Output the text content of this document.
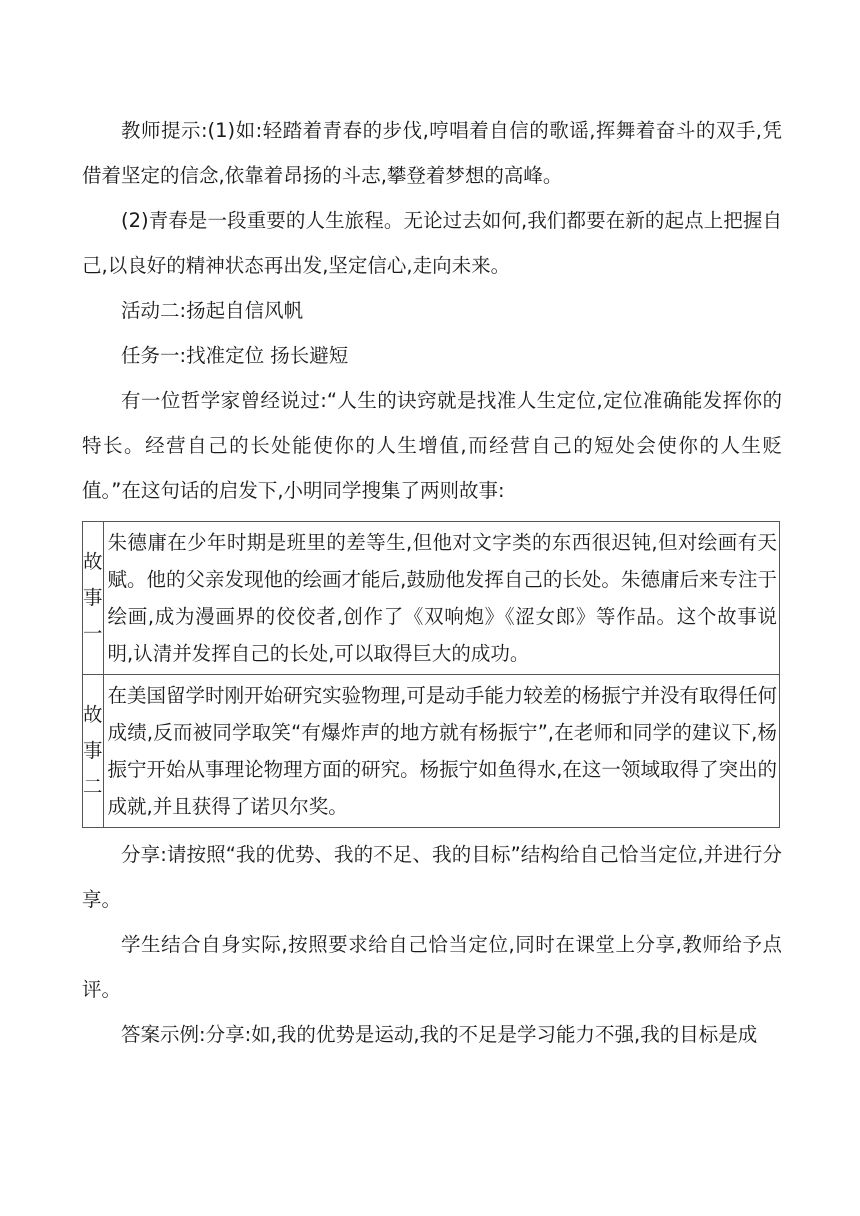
教师提示:(1)如:轻踏着青春的步伐,哼唱着自信的歌谣,挥舞着奋斗的双手,凭借着坚定的信念,依靠着昂扬的斗志,攀登着梦想的高峰。

(2)青春是一段重要的人生旅程。无论过去如何,我们都要在新的起点上把握自己,以良好的精神状态再出发,坚定信心,走向未来。

活动二:扬起自信风帆

任务一:找准定位 扬长避短

有一位哲学家曾经说过:“人生的诀窍就是找准人生定位,定位准确能发挥你的特长。经营自己的长处能使你的人生增值,而经营自己的短处会使你的人生贬值。”在这句话的启发下,小明同学搜集了两则故事:

故
事
一	朱德庸在少年时期是班里的差等生,但他对文字类的东西很迟钝,但对绘画有天赋。他的父亲发现他的绘画才能后,鼓励他发挥自己的长处。朱德庸后来专注于绘画,成为漫画界的佼佼者,创作了《双响炮》《涩女郎》等作品。这个故事说明,认清并发挥自己的长处,可以取得巨大的成功。

故
事
二	在美国留学时刚开始研究实验物理,可是动手能力较差的杨振宁并没有取得任何成绩,反而被同学取笑“有爆炸声的地方就有杨振宁”,在老师和同学的建议下,杨振宁开始从事理论物理方面的研究。杨振宁如鱼得水,在这一领域取得了突出的成就,并且获得了诺贝尔奖。

分享:请按照“我的优势、我的不足、我的目标”结构给自己恰当定位,并进行分享。

学生结合自身实际,按照要求给自己恰当定位,同时在课堂上分享,教师给予点评。

答案示例:分享:如,我的优势是运动,我的不足是学习能力不强,我的目标是成
